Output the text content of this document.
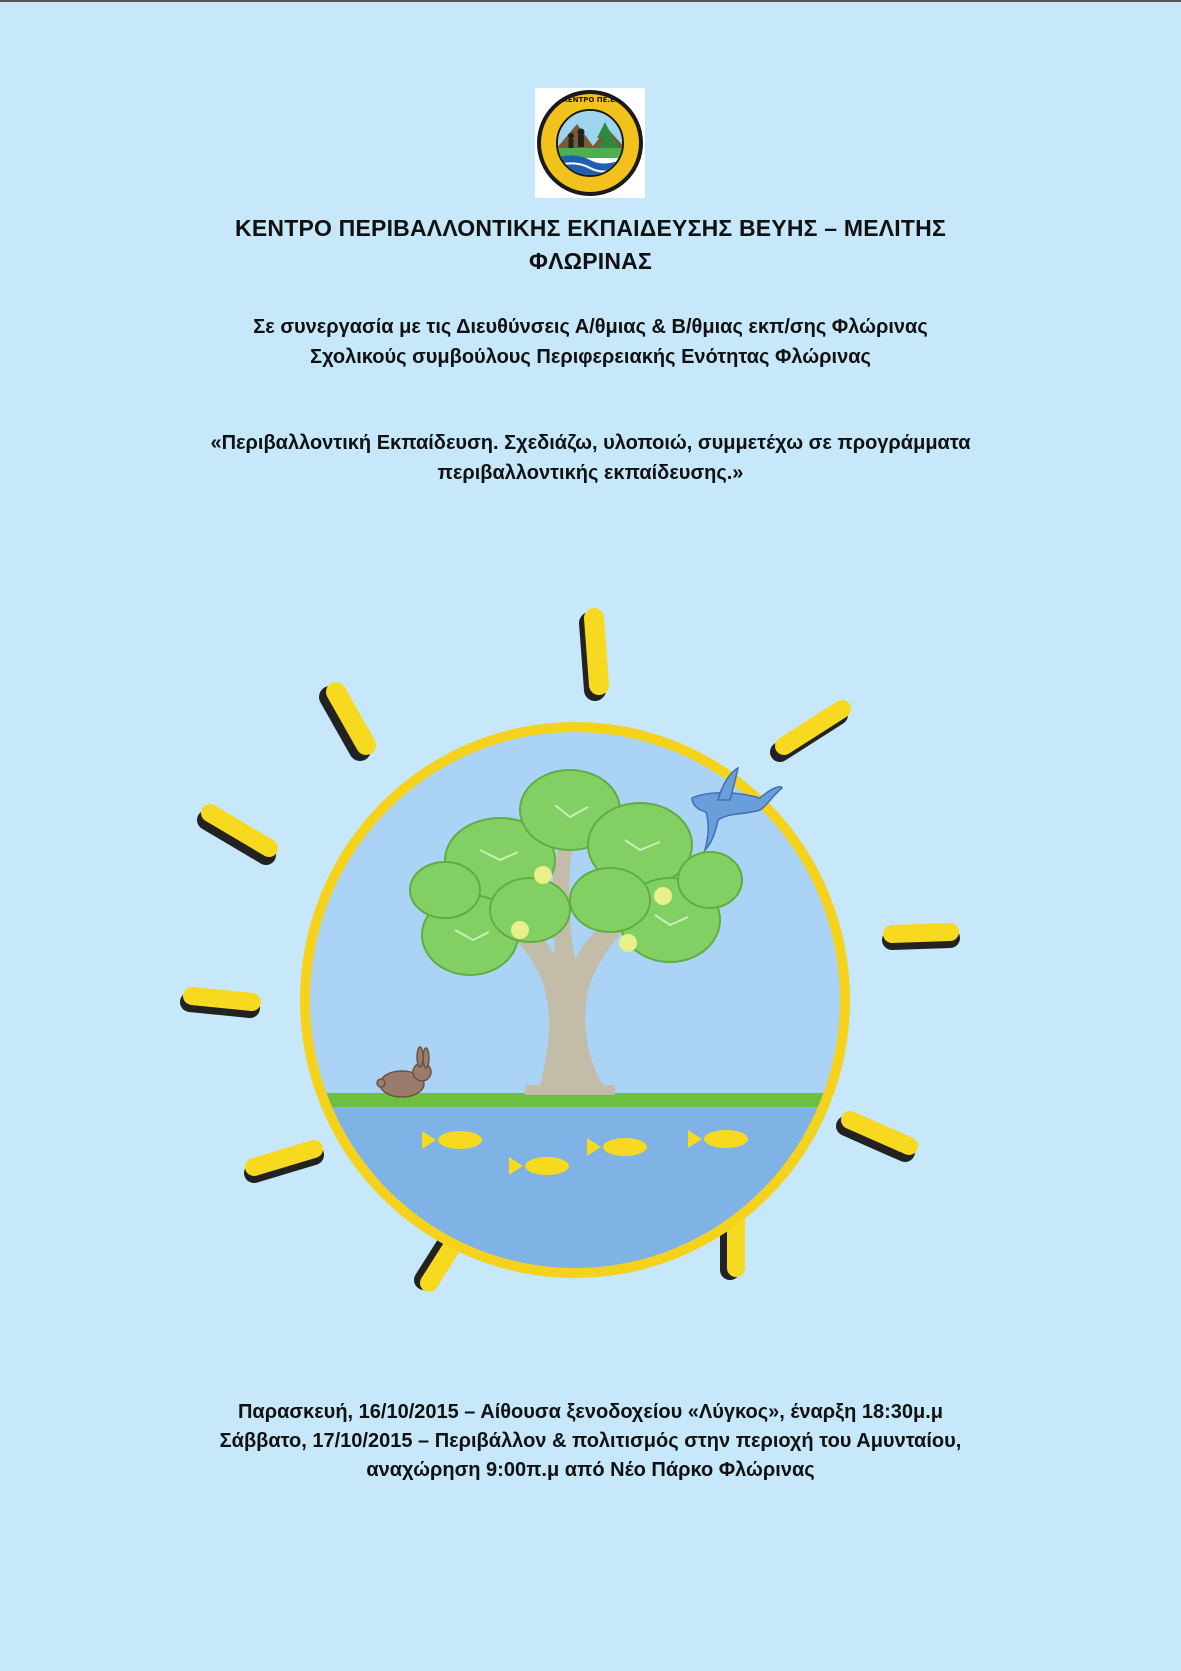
ΚΕΝΤΡΟ ΠΕ.Ε.
ΚΕΝΤΡΟ ΠΕΡΙΒΑΛΛΟΝΤΙΚΗΣ ΕΚΠΑΙΔΕΥΣΗΣ ΒΕΥΗΣ – ΜΕΛΙΤΗΣ
ΦΛΩΡΙΝΑΣ
Σε συνεργασία με τις Διευθύνσεις Α/θμιας & Β/θμιας εκπ/σης Φλώρινας
Σχολικούς συμβούλους Περιφερειακής Ενότητας Φλώρινας
«Περιβαλλοντική Εκπαίδευση. Σχεδιάζω, υλοποιώ, συμμετέχω σε προγράμματα
περιβαλλοντικής εκπαίδευσης.»
Παρασκευή, 16/10/2015 – Αίθουσα ξενοδοχείου «Λύγκος», έναρξη 18:30μ.μ
Σάββατο, 17/10/2015 – Περιβάλλον & πολιτισμός στην περιοχή του Αμυνταίου,
αναχώρηση 9:00π.μ από Νέο Πάρκο Φλώρινας
